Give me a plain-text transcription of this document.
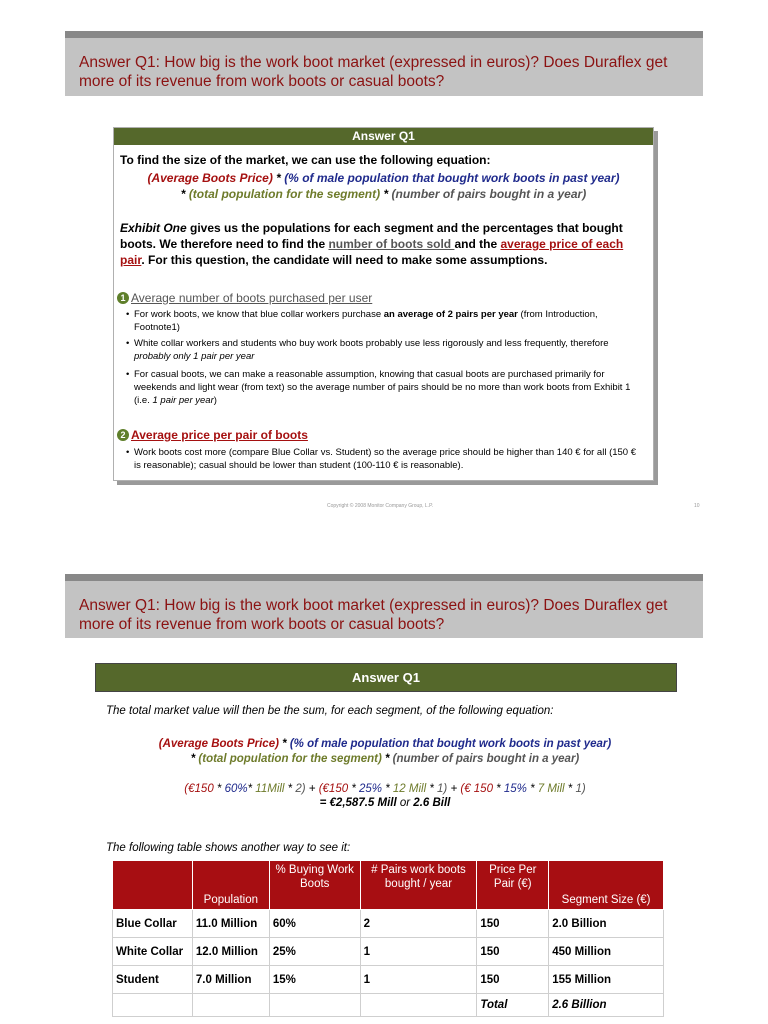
Answer Q1: How big is the work boot market (expressed in euros)? Does Duraflex get more of its revenue from work boots or casual boots?
Answer Q1
To find the size of the market, we can use the following equation:
(Average Boots Price) * (% of male population that bought work boots in past year)
* (total population for the segment) * (number of pairs bought in a year)
Exhibit One gives us the populations for each segment and the percentages that bought boots. We therefore need to find the number of boots sold and the average price of each pair. For this question, the candidate will need to make some assumptions.
1 Average number of boots purchased per user
• For work boots, we know that blue collar workers purchase an average of 2 pairs per year (from Introduction, Footnote1)
• White collar workers and students who buy work boots probably use less rigorously and less frequently, therefore probably only 1 pair per year
• For casual boots, we can make a reasonable assumption, knowing that casual boots are purchased primarily for weekends and light wear (from text) so the average number of pairs should be no more than work boots from Exhibit 1 (i.e. 1 pair per year)
2 Average price per pair of boots
• Work boots cost more (compare Blue Collar vs. Student) so the average price should be higher than 140 € for all (150 € is reasonable); casual should be lower than student (100-110 € is reasonable).
Copyright © 2008 Monitor Company Group, L.P.	10
Answer Q1: How big is the work boot market (expressed in euros)? Does Duraflex get more of its revenue from work boots or casual boots?
Answer Q1
The total market value will then be the sum, for each segment, of the following equation:
(Average Boots Price) * (% of male population that bought work boots in past year)
* (total population for the segment) * (number of pairs bought in a year)
(€150 * 60%* 11Mill * 2) + (€150 * 25% * 12 Mill * 1) + (€ 150 * 15% * 7 Mill * 1)
= €2,587.5 Mill or 2.6 Bill
The following table shows another way to see it:
	Population	% Buying Work Boots	# Pairs work boots bought / year	Price Per Pair (€)	Segment Size (€)
Blue Collar	11.0 Million	60%	2	150	2.0 Billion
White Collar	12.0 Million	25%	1	150	450 Million
Student	7.0 Million	15%	1	150	155 Million
				Total	2.6 Billion
